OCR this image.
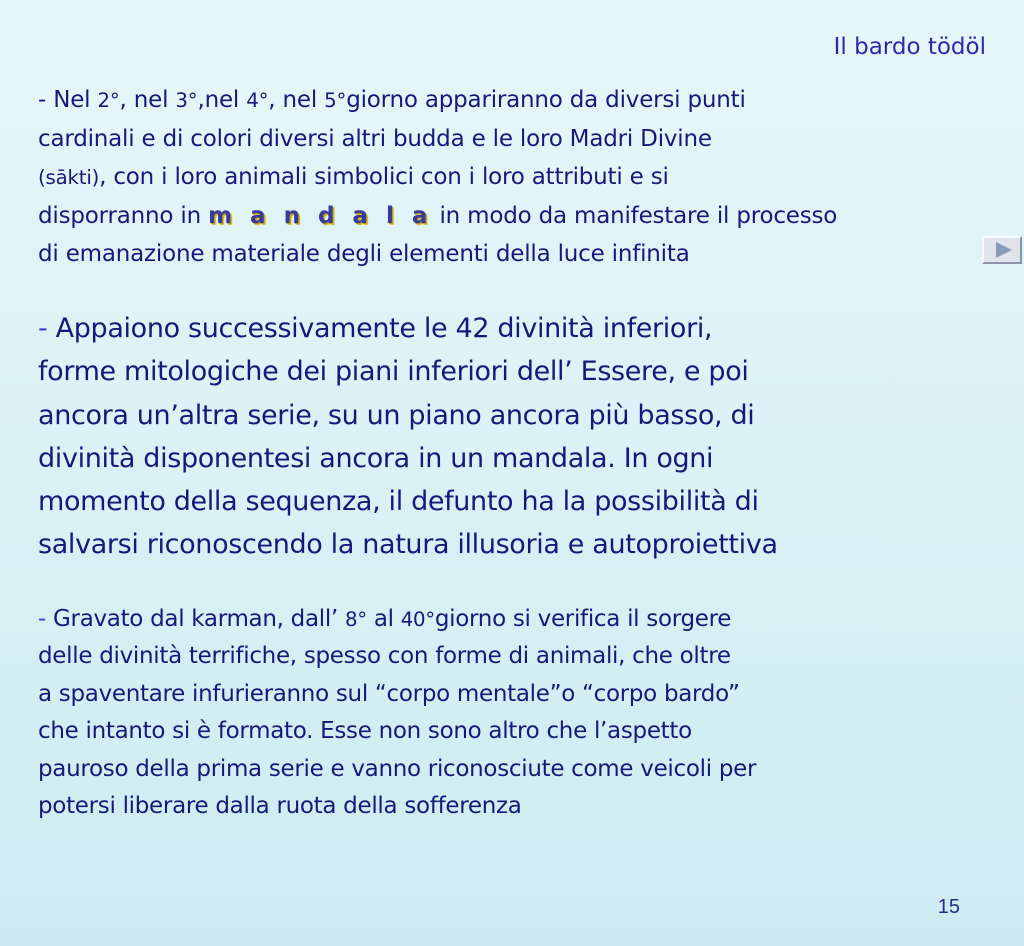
Il bardo tödöl

- Nel 2°, nel 3°,nel 4°, nel 5°giorno appariranno da diversi punti
cardinali e di colori diversi altri budda e le loro Madri Divine
(sākti), con i loro animali simbolici con i loro attributi e si
disporranno in m a n d a l a in modo da manifestare il processo
di emanazione materiale degli elementi della luce infinita

- Appaiono successivamente le 42 divinità inferiori,
forme mitologiche dei piani inferiori dell’ Essere, e poi
ancora un’altra serie, su un piano ancora più basso, di
divinità disponentesi ancora in un mandala. In ogni
momento della sequenza, il defunto ha la possibilità di
salvarsi riconoscendo la natura illusoria e autoproiettiva

- Gravato dal karman, dall’ 8° al 40°giorno si verifica il sorgere
delle divinità terrifiche, spesso con forme di animali, che oltre
a spaventare infurieranno sul “corpo mentale”o “corpo bardo”
che intanto si è formato. Esse non sono altro che l’aspetto
pauroso della prima serie e vanno riconosciute come veicoli per
potersi liberare dalla ruota della sofferenza

15
